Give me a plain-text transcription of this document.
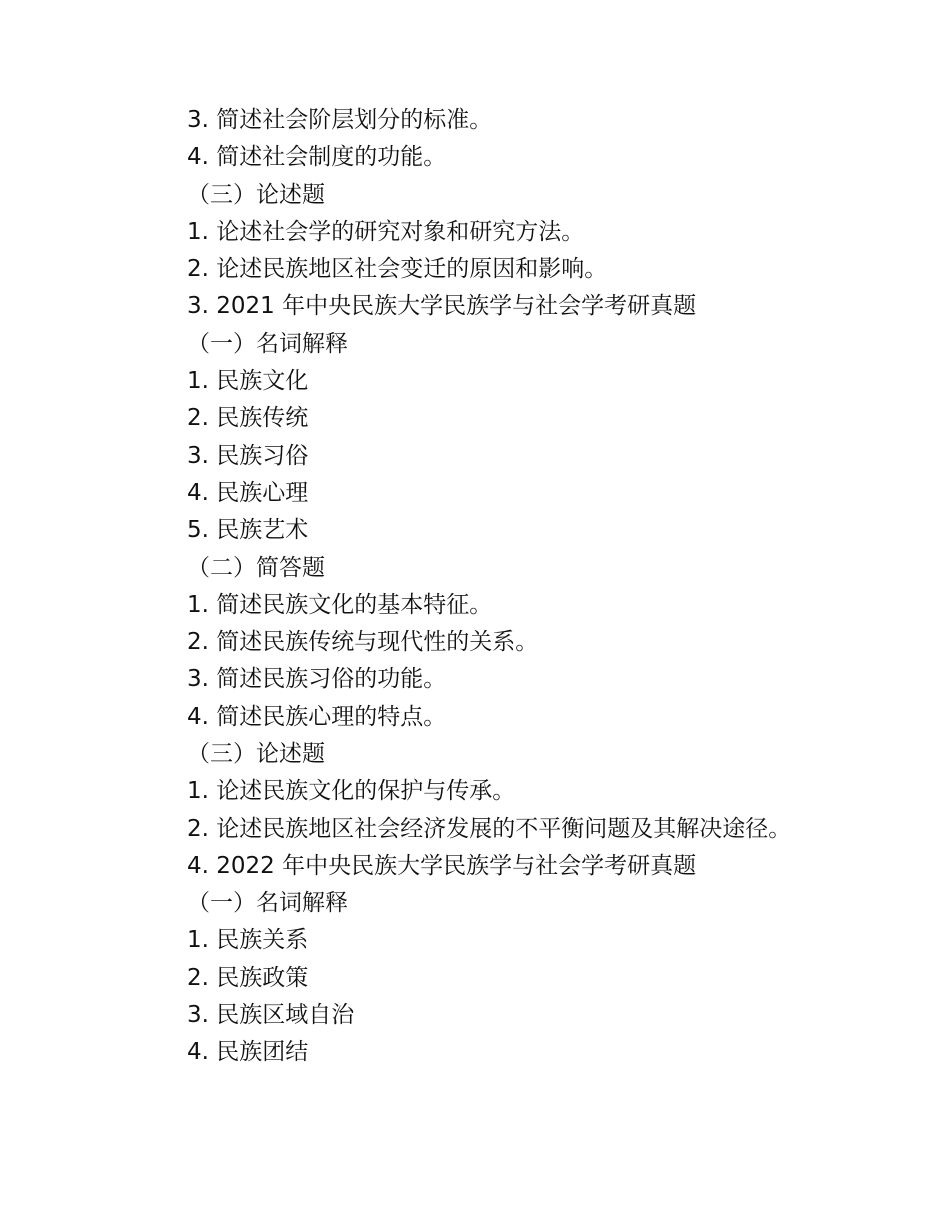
3. 简述社会阶层划分的标准。
4. 简述社会制度的功能。
（三）论述题
1. 论述社会学的研究对象和研究方法。
2. 论述民族地区社会变迁的原因和影响。
3. 2021 年中央民族大学民族学与社会学考研真题
（一）名词解释
1. 民族文化
2. 民族传统
3. 民族习俗
4. 民族心理
5. 民族艺术
（二）简答题
1. 简述民族文化的基本特征。
2. 简述民族传统与现代性的关系。
3. 简述民族习俗的功能。
4. 简述民族心理的特点。
（三）论述题
1. 论述民族文化的保护与传承。
2. 论述民族地区社会经济发展的不平衡问题及其解决途径。
4. 2022 年中央民族大学民族学与社会学考研真题
（一）名词解释
1. 民族关系
2. 民族政策
3. 民族区域自治
4. 民族团结
